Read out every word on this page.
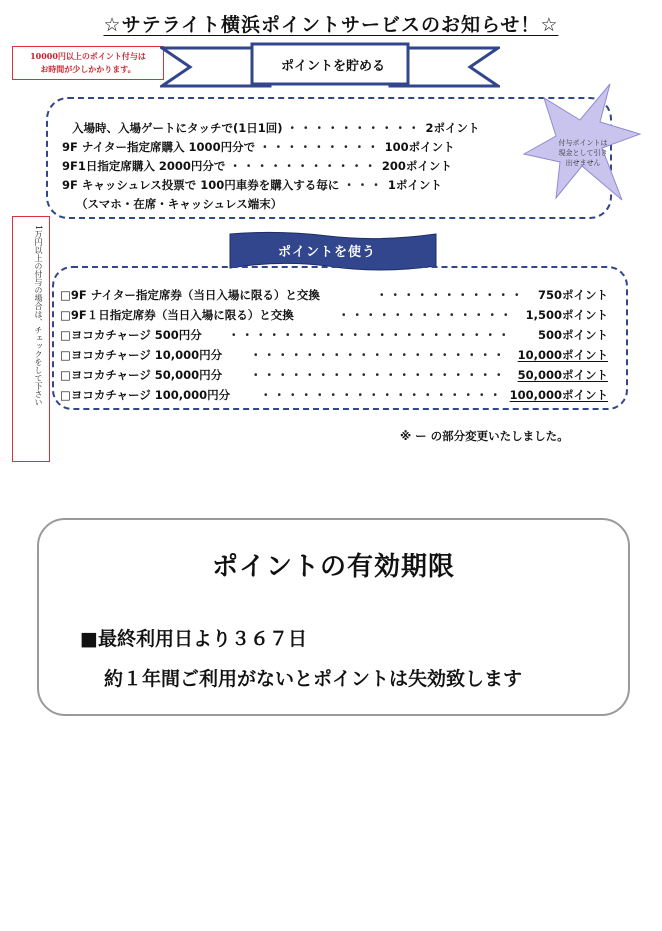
☆サテライト横浜ポイントサービスのお知らせ！☆
10000円以上のポイント付与は
お時間が少しかかります。	ポイントを貯める
入場時、入場ゲートにタッチで(1日1回) ・・・・・・・・・・ 2ポイント
9F ナイター指定席購入 1000円分で ・・・・・・・・・ 100ポイント
9F1日指定席購入 2000円分で ・・・・・・・・・・・ 200ポイント
9F キャッシュレス投票で 100円車券を購入する毎に ・・・ 1ポイント
（スマホ・在席・キャッシュレス端末）
付与ポイントは
現金として引き
出せません
1万円以上の付与の場合は、チェックをして下さい	ポイントを使う
□9F ナイター指定席券（当日入場に限る）と交換	・・・・・・・・・・・ 750ポイント
□9F１日指定席券（当日入場に限る）と交換	・・・・・・・・・・・・・ 1,500ポイント
□ヨコカチャージ 500円分 ・・・・・・・・・・・・・・・・・・・・・ 500ポイント
□ヨコカチャージ 10,000円分 ・・・・・・・・・・・・・・・・・・・ 10,000ポイント
□ヨコカチャージ 50,000円分 ・・・・・・・・・・・・・・・・・・・ 50,000ポイント
□ヨコカチャージ 100,000円分	・・・・・・・・・・・・・・・・・・ 100,000ポイント
※ ー の部分変更いたしました。
ポイントの有効期限
■最終利用日より３６７日
約１年間ご利用がないとポイントは失効致します
